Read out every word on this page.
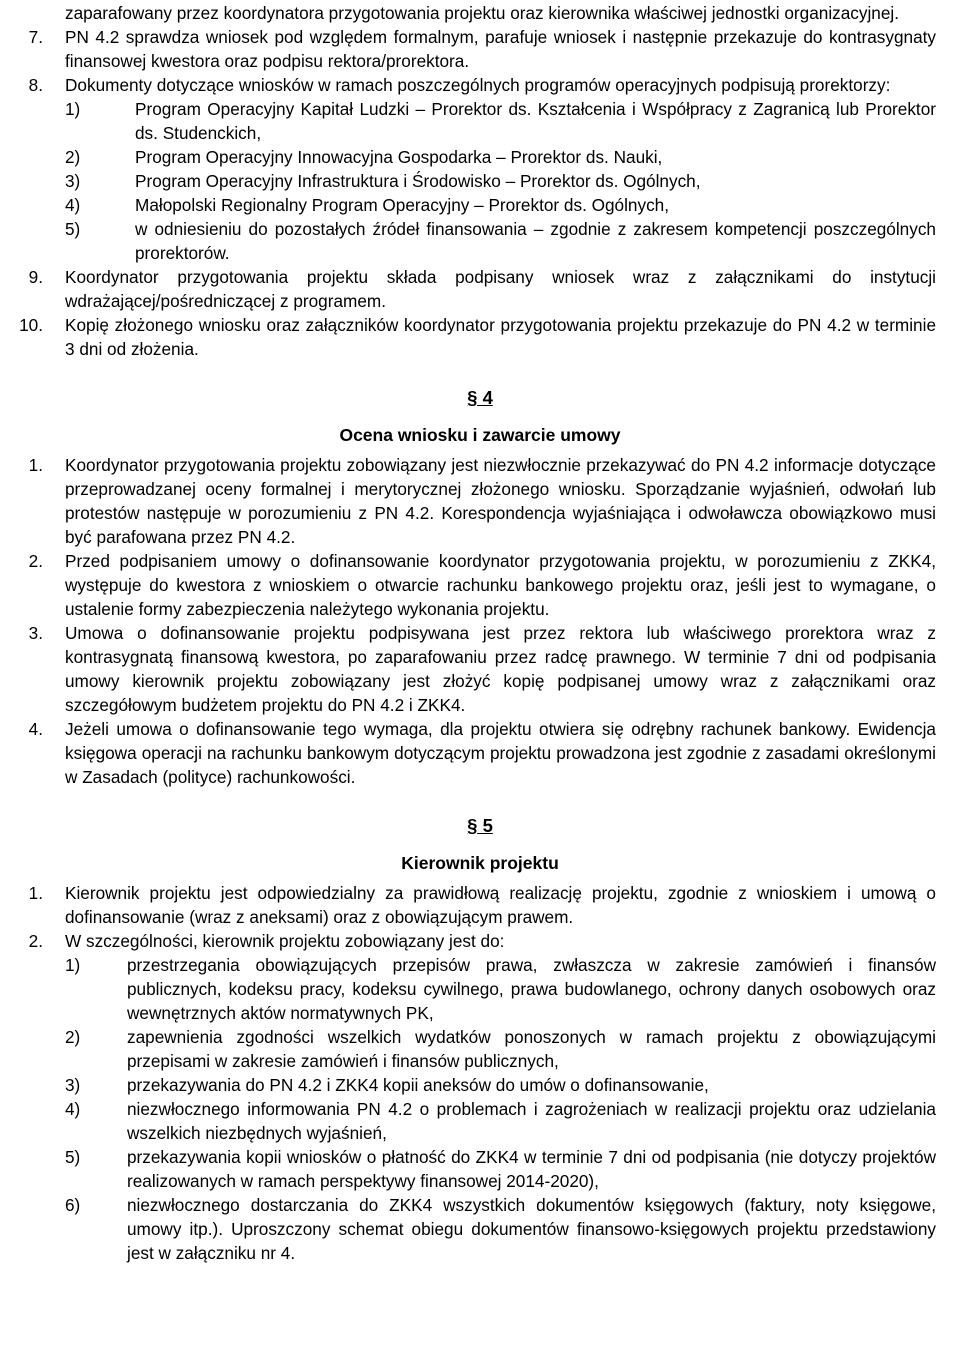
zaparafowany przez koordynatora przygotowania projektu oraz kierownika właściwej jednostki organizacyjnej.

7. PN 4.2 sprawdza wniosek pod względem formalnym, parafuje wniosek i następnie przekazuje do kontrasygnaty finansowej kwestora oraz podpisu rektora/prorektora.
8. Dokumenty dotyczące wniosków w ramach poszczególnych programów operacyjnych podpisują prorektorzy:
1)	Program Operacyjny Kapitał Ludzki – Prorektor ds. Kształcenia i Współpracy z Zagranicą lub Prorektor ds. Studenckich,
2)	Program Operacyjny Innowacyjna Gospodarka – Prorektor ds. Nauki,
3)	Program Operacyjny Infrastruktura i Środowisko – Prorektor ds. Ogólnych,
4)	Małopolski Regionalny Program Operacyjny – Prorektor ds. Ogólnych,
5)	w odniesieniu do pozostałych źródeł finansowania – zgodnie z zakresem kompetencji poszczególnych prorektorów.
9. Koordynator przygotowania projektu składa podpisany wniosek wraz z załącznikami do instytucji wdrażającej/pośredniczącej z programem.
10. Kopię złożonego wniosku oraz załączników koordynator przygotowania projektu przekazuje do PN 4.2 w terminie 3 dni od złożenia.
§ 4
Ocena wniosku i zawarcie umowy
1. Koordynator przygotowania projektu zobowiązany jest niezwłocznie przekazywać do PN 4.2 informacje dotyczące przeprowadzanej oceny formalnej i merytorycznej złożonego wniosku. Sporządzanie wyjaśnień, odwołań lub protestów następuje w porozumieniu z PN 4.2. Korespondencja wyjaśniająca i odwoławcza obowiązkowo musi być parafowana przez PN 4.2.
2. Przed podpisaniem umowy o dofinansowanie koordynator przygotowania projektu, w porozumieniu z ZKK4, występuje do kwestora z wnioskiem o otwarcie rachunku bankowego projektu oraz, jeśli jest to wymagane, o ustalenie formy zabezpieczenia należytego wykonania projektu.
3. Umowa o dofinansowanie projektu podpisywana jest przez rektora lub właściwego prorektora wraz z kontrasygnatą finansową kwestora, po zaparafowaniu przez radcę prawnego. W terminie 7 dni od podpisania umowy kierownik projektu zobowiązany jest złożyć kopię podpisanej umowy wraz z załącznikami oraz szczegółowym budżetem projektu do PN 4.2 i ZKK4.
4. Jeżeli umowa o dofinansowanie tego wymaga, dla projektu otwiera się odrębny rachunek bankowy. Ewidencja księgowa operacji na rachunku bankowym dotyczącym projektu prowadzona jest zgodnie z zasadami określonymi w Zasadach (polityce) rachunkowości.
§ 5
Kierownik projektu
1. Kierownik projektu jest odpowiedzialny za prawidłową realizację projektu, zgodnie z wnioskiem i umową o dofinansowanie (wraz z aneksami) oraz z obowiązującym prawem.
2. W szczególności, kierownik projektu zobowiązany jest do:
1)	przestrzegania obowiązujących przepisów prawa, zwłaszcza w zakresie zamówień i finansów publicznych, kodeksu pracy, kodeksu cywilnego, prawa budowlanego, ochrony danych osobowych oraz wewnętrznych aktów normatywnych PK,
2)	zapewnienia zgodności wszelkich wydatków ponoszonych w ramach projektu z obowiązującymi przepisami w zakresie zamówień i finansów publicznych,
3)	przekazywania do PN 4.2 i ZKK4 kopii aneksów do umów o dofinansowanie,
4)	niezwłocznego informowania PN 4.2 o problemach i zagrożeniach w realizacji projektu oraz udzielania wszelkich niezbędnych wyjaśnień,
5)	przekazywania kopii wniosków o płatność do ZKK4 w terminie 7 dni od podpisania (nie dotyczy projektów realizowanych w ramach perspektywy finansowej 2014-2020),
6)	niezwłocznego dostarczania do ZKK4 wszystkich dokumentów księgowych (faktury, noty księgowe, umowy itp.). Uproszczony schemat obiegu dokumentów finansowo-księgowych projektu przedstawiony jest w załączniku nr 4.
